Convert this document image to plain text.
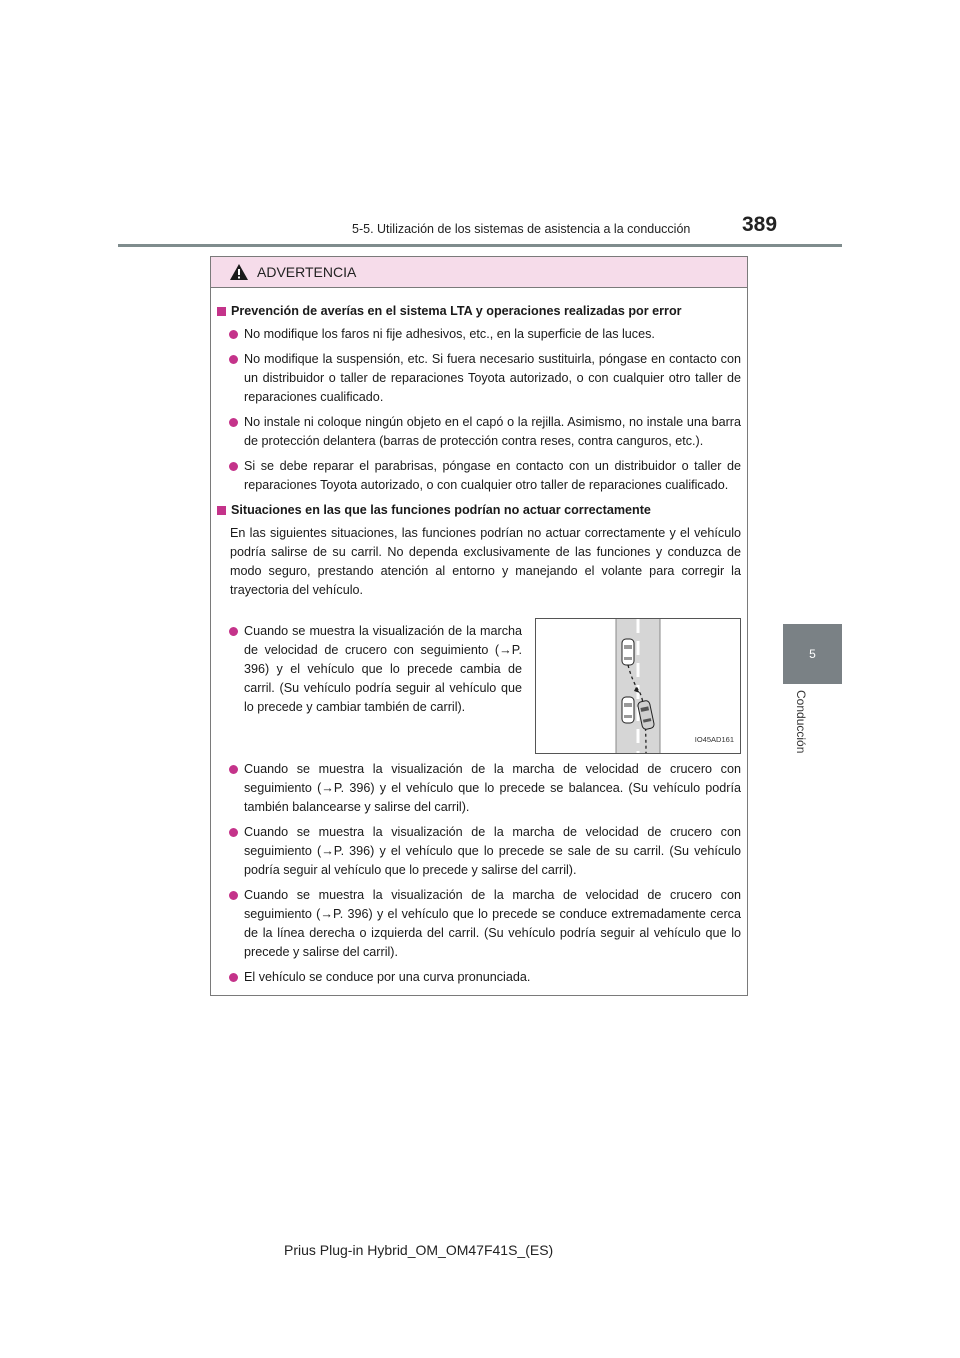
5-5. Utilización de los sistemas de asistencia a la conducción 389
5
Conducción
ADVERTENCIA
Prevención de averías en el sistema LTA y operaciones realizadas por error
No modifique los faros ni fije adhesivos, etc., en la superficie de las luces.
No modifique la suspensión, etc. Si fuera necesario sustituirla, póngase en contacto con un distribuidor o taller de reparaciones Toyota autorizado, o con cualquier otro taller de reparaciones cualificado.
No instale ni coloque ningún objeto en el capó o la rejilla. Asimismo, no instale una barra de protección delantera (barras de protección contra reses, contra canguros, etc.).
Si se debe reparar el parabrisas, póngase en contacto con un distribuidor o taller de reparaciones Toyota autorizado, o con cualquier otro taller de reparaciones cualificado.
Situaciones en las que las funciones podrían no actuar correctamente
En las siguientes situaciones, las funciones podrían no actuar correctamente y el vehículo podría salirse de su carril. No dependa exclusivamente de las funciones y conduzca de modo seguro, prestando atención al entorno y manejando el volante para corregir la trayectoria del vehículo.
Cuando se muestra la visualización de la marcha de velocidad de crucero con seguimiento (→P. 396) y el vehículo que lo precede cambia de carril. (Su vehículo podría seguir al vehículo que lo precede y cambiar también de carril).
IO45AD161
Cuando se muestra la visualización de la marcha de velocidad de crucero con seguimiento (→P. 396) y el vehículo que lo precede se balancea. (Su vehículo podría también balancearse y salirse del carril).
Cuando se muestra la visualización de la marcha de velocidad de crucero con seguimiento (→P. 396) y el vehículo que lo precede se sale de su carril. (Su vehículo podría seguir al vehículo que lo precede y salirse del carril).
Cuando se muestra la visualización de la marcha de velocidad de crucero con seguimiento (→P. 396) y el vehículo que lo precede se conduce extremadamente cerca de la línea derecha o izquierda del carril. (Su vehículo podría seguir al vehículo que lo precede y salirse del carril).
El vehículo se conduce por una curva pronunciada.
Prius Plug-in Hybrid_OM_OM47F41S_(ES)
